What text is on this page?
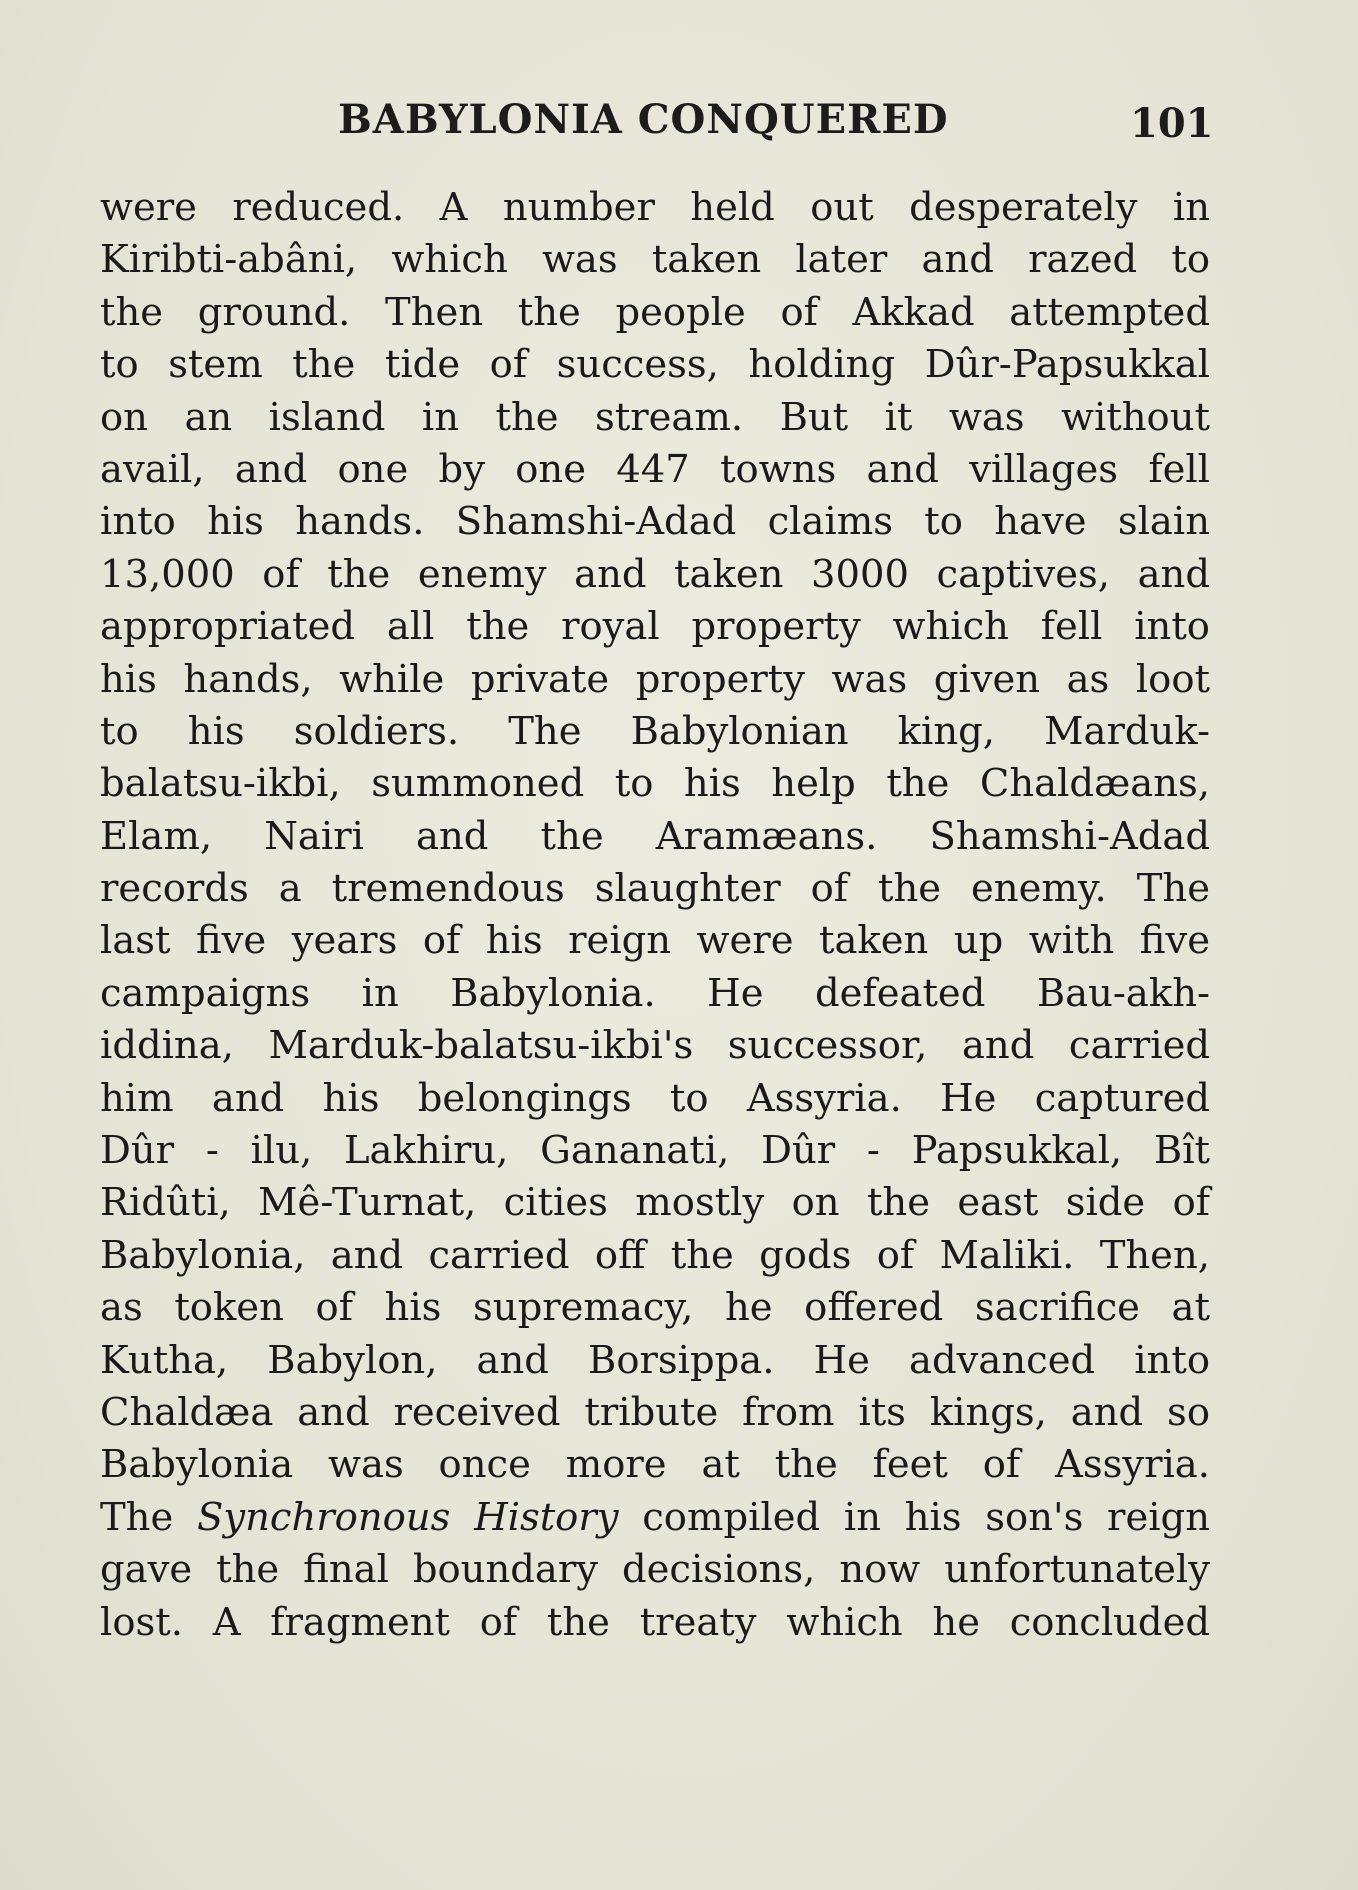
BABYLONIA CONQUERED	101
were reduced. A number held out desperately in
Kiribti-abâni, which was taken later and razed to
the ground. Then the people of Akkad attempted
to stem the tide of success, holding Dûr-Papsukkal
on an island in the stream. But it was without
avail, and one by one 447 towns and villages fell
into his hands. Shamshi-Adad claims to have slain
13,000 of the enemy and taken 3000 captives, and
appropriated all the royal property which fell into
his hands, while private property was given as loot
to his soldiers. The Babylonian king, Marduk-
balatsu-ikbi, summoned to his help the Chaldæans,
Elam, Nairi and the Aramæans. Shamshi-Adad
records a tremendous slaughter of the enemy. The
last five years of his reign were taken up with five
campaigns in Babylonia. He defeated Bau-akh-
iddina, Marduk-balatsu-ikbi's successor, and carried
him and his belongings to Assyria. He captured
Dûr - ilu, Lakhiru, Gananati, Dûr - Papsukkal, Bît
Ridûti, Mê-Turnat, cities mostly on the east side of
Babylonia, and carried off the gods of Maliki. Then,
as token of his supremacy, he offered sacrifice at
Kutha, Babylon, and Borsippa. He advanced into
Chaldæa and received tribute from its kings, and so
Babylonia was once more at the feet of Assyria.
The Synchronous History compiled in his son's reign
gave the final boundary decisions, now unfortunately
lost. A fragment of the treaty which he concluded
